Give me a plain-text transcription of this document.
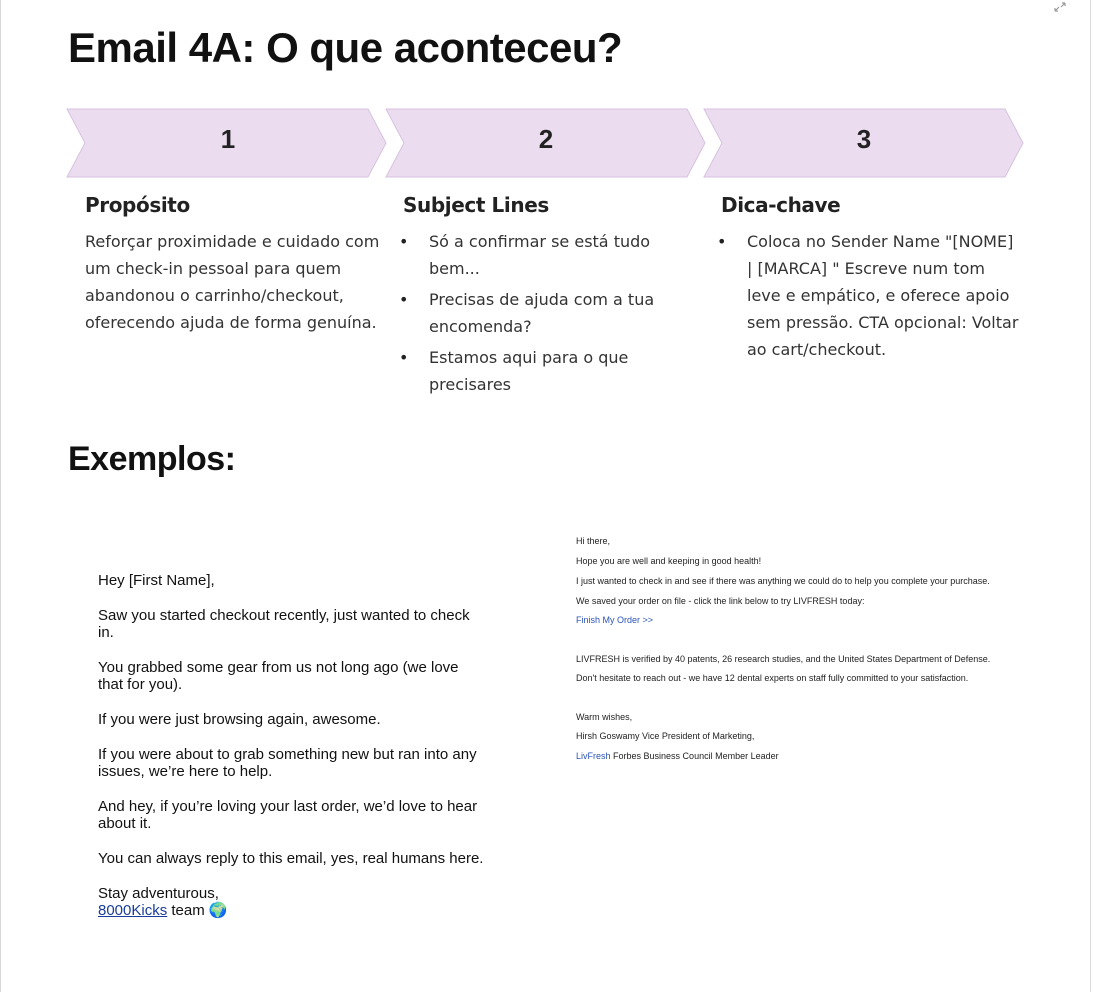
Email 4A: O que aconteceu?
1	2	3
Propósito
Reforçar proximidade e cuidado com
um check-in pessoal para quem
abandonou o carrinho/checkout,
oferecendo ajuda de forma genuína.
Subject Lines
• Só a confirmar se está tudo
bem...
• Precisas de ajuda com a tua
encomenda?
• Estamos aqui para o que
precisares
Dica-chave
• Coloca no Sender Name "[NOME]
| [MARCA] " Escreve num tom
leve e empático, e oferece apoio
sem pressão. CTA opcional: Voltar
ao cart/checkout.
Exemplos:

Hey [First Name],

Saw you started checkout recently, just wanted to check
in.

You grabbed some gear from us not long ago (we love
that for you).

If you were just browsing again, awesome.

If you were about to grab something new but ran into any
issues, we’re here to help.

And hey, if you’re loving your last order, we’d love to hear
about it.

You can always reply to this email, yes, real humans here.

Stay adventurous,
8000Kicks team 🌍

Hi there,
Hope you are well and keeping in good health!
I just wanted to check in and see if there was anything we could do to help you complete your purchase.
We saved your order on file - click the link below to try LIVFRESH today:
Finish My Order >>
LIVFRESH is verified by 40 patents, 26 research studies, and the United States Department of Defense.
Don't hesitate to reach out - we have 12 dental experts on staff fully committed to your satisfaction.
Warm wishes,
Hirsh Goswamy Vice President of Marketing,
LivFresh Forbes Business Council Member Leader
